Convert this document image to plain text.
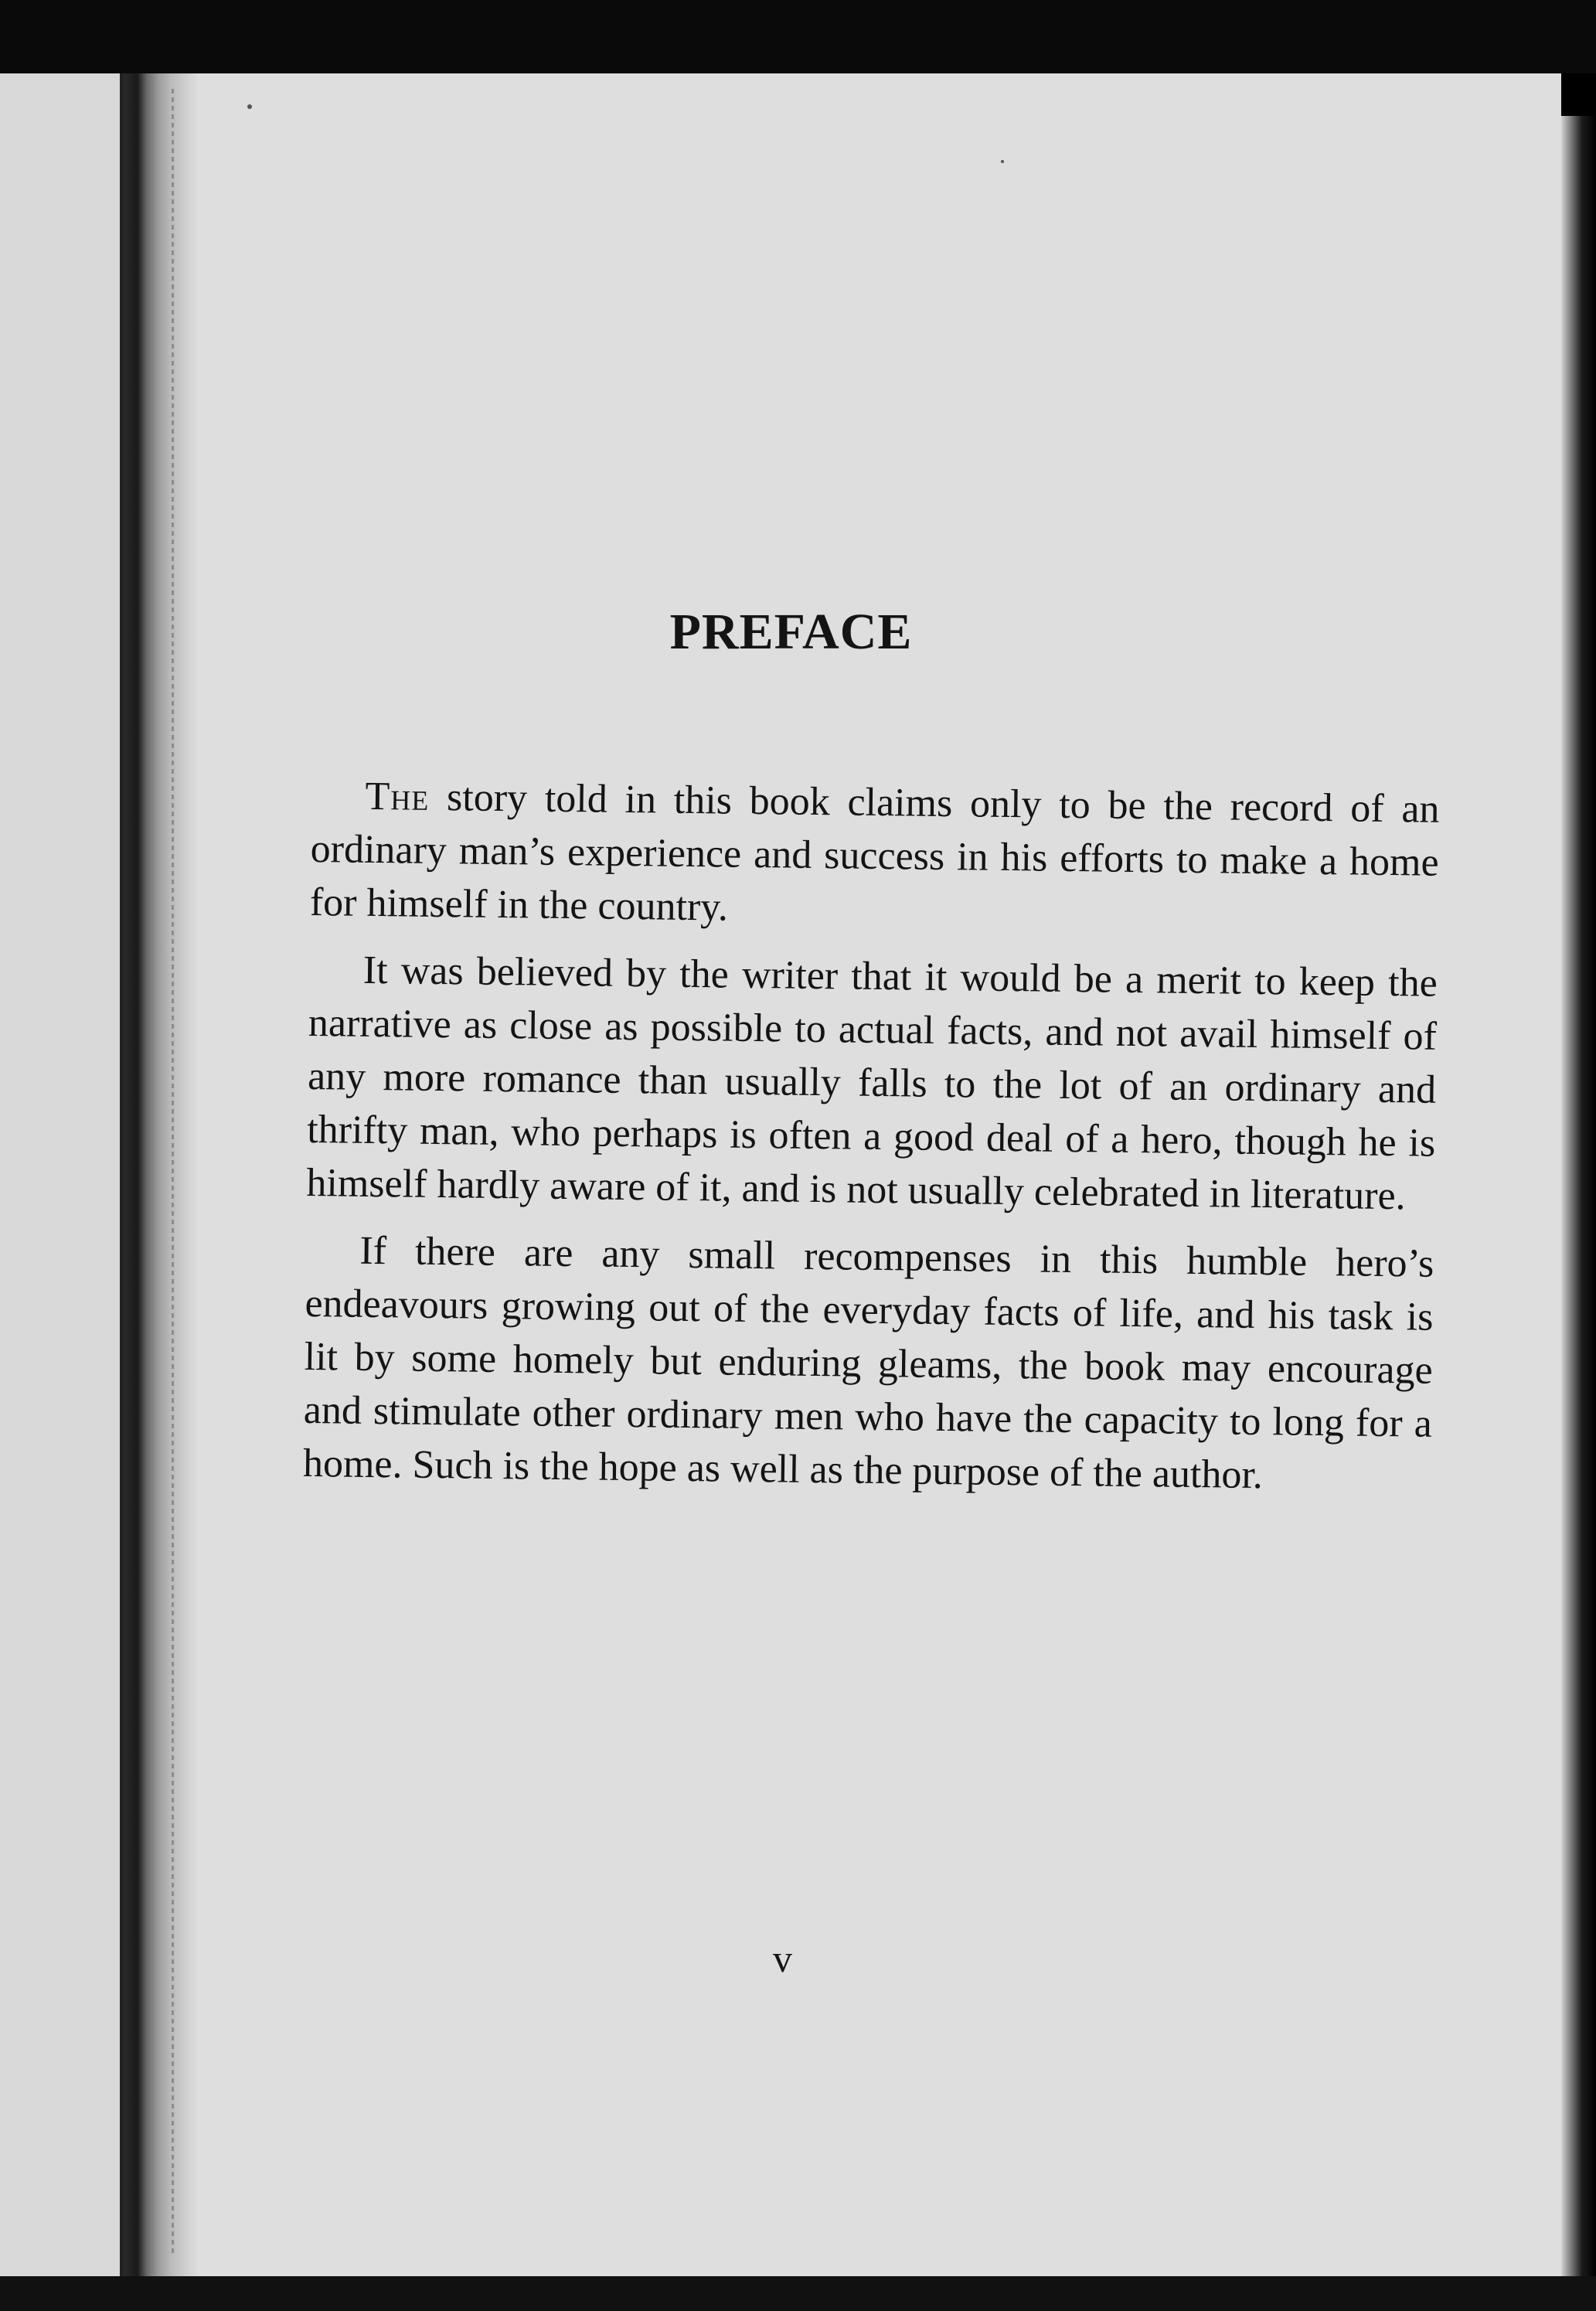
PREFACE

The story told in this book claims only to be the record of an ordinary man’s experience and success in his efforts to make a home for himself in the country.

It was believed by the writer that it would be a merit to keep the narrative as close as possible to actual facts, and not avail himself of any more romance than usually falls to the lot of an ordinary and thrifty man, who perhaps is often a good deal of a hero, though he is himself hardly aware of it, and is not usually celebrated in literature.

If there are any small recompenses in this humble hero’s endeavours growing out of the everyday facts of life, and his task is lit by some homely but enduring gleams, the book may encourage and stimulate other ordinary men who have the capacity to long for a home. Such is the hope as well as the purpose of the author.

v
